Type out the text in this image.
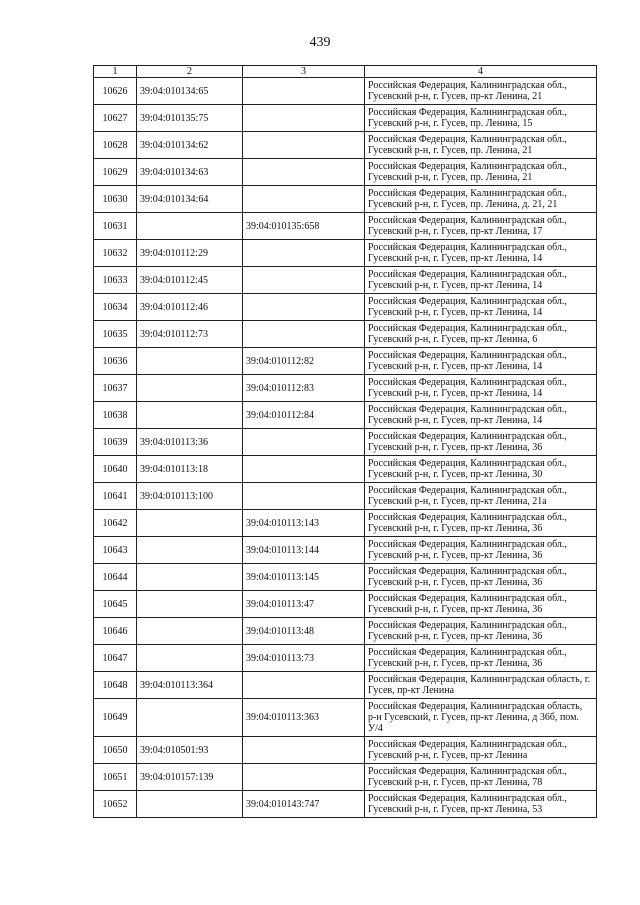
439
1	2	3	4
10626	39:04:010134:65		Российская Федерация, Калининградская обл., Гусевский р-н, г. Гусев, пр-кт Ленина, 21
10627	39:04:010135:75		Российская Федерация, Калининградская обл., Гусевский р-н, г. Гусев, пр. Ленина, 15
10628	39:04:010134:62		Российская Федерация, Калининградская обл., Гусевский р-н, г. Гусев, пр. Ленина, 21
10629	39:04:010134:63		Российская Федерация, Калининградская обл., Гусевский р-н, г. Гусев, пр. Ленина, 21
10630	39:04:010134:64		Российская Федерация, Калининградская обл., Гусевский р-н, г. Гусев, пр. Ленина, д. 21, 21
10631		39:04:010135:658	Российская Федерация, Калининградская обл., Гусевский р-н, г. Гусев, пр-кт Ленина, 17
10632	39:04:010112:29		Российская Федерация, Калининградская обл., Гусевский р-н, г. Гусев, пр-кт Ленина, 14
10633	39:04:010112:45		Российская Федерация, Калининградская обл., Гусевский р-н, г. Гусев, пр-кт Ленина, 14
10634	39:04:010112:46		Российская Федерация, Калининградская обл., Гусевский р-н, г. Гусев, пр-кт Ленина, 14
10635	39:04:010112:73		Российская Федерация, Калининградская обл., Гусевский р-н, г. Гусев, пр-кт Ленина, 6
10636		39:04:010112:82	Российская Федерация, Калининградская обл., Гусевский р-н, г. Гусев, пр-кт Ленина, 14
10637		39:04:010112:83	Российская Федерация, Калининградская обл., Гусевский р-н, г. Гусев, пр-кт Ленина, 14
10638		39:04:010112:84	Российская Федерация, Калининградская обл., Гусевский р-н, г. Гусев, пр-кт Ленина, 14
10639	39:04:010113:36		Российская Федерация, Калининградская обл., Гусевский р-н, г. Гусев, пр-кт Ленина, 36
10640	39:04:010113:18		Российская Федерация, Калининградская обл., Гусевский р-н, г. Гусев, пр-кт Ленина, 30
10641	39:04:010113:100		Российская Федерация, Калининградская обл., Гусевский р-н, г. Гусев, пр-кт Ленина, 21а
10642		39:04:010113:143	Российская Федерация, Калининградская обл., Гусевский р-н, г. Гусев, пр-кт Ленина, 36
10643		39:04:010113:144	Российская Федерация, Калининградская обл., Гусевский р-н, г. Гусев, пр-кт Ленина, 36
10644		39:04:010113:145	Российская Федерация, Калининградская обл., Гусевский р-н, г. Гусев, пр-кт Ленина, 36
10645		39:04:010113:47	Российская Федерация, Калининградская обл., Гусевский р-н, г. Гусев, пр-кт Ленина, 36
10646		39:04:010113:48	Российская Федерация, Калининградская обл., Гусевский р-н, г. Гусев, пр-кт Ленина, 36
10647		39:04:010113:73	Российская Федерация, Калининградская обл., Гусевский р-н, г. Гусев, пр-кт Ленина, 36
10648	39:04:010113:364		Российская Федерация, Калининградская область, г. Гусев, пр-кт Ленина
10649		39:04:010113:363	Российская Федерация, Калининградская область, р-н Гусевский, г. Гусев, пр-кт Ленина, д 36б, пом. У/4
10650	39:04:010501:93		Российская Федерация, Калининградская обл., Гусевский р-н, г. Гусев, пр-кт Ленина
10651	39:04:010157:139		Российская Федерация, Калининградская обл., Гусевский р-н, г. Гусев, пр-кт Ленина, 78
10652		39:04:010143:747	Российская Федерация, Калининградская обл., Гусевский р-н, г. Гусев, пр-кт Ленина, 53
